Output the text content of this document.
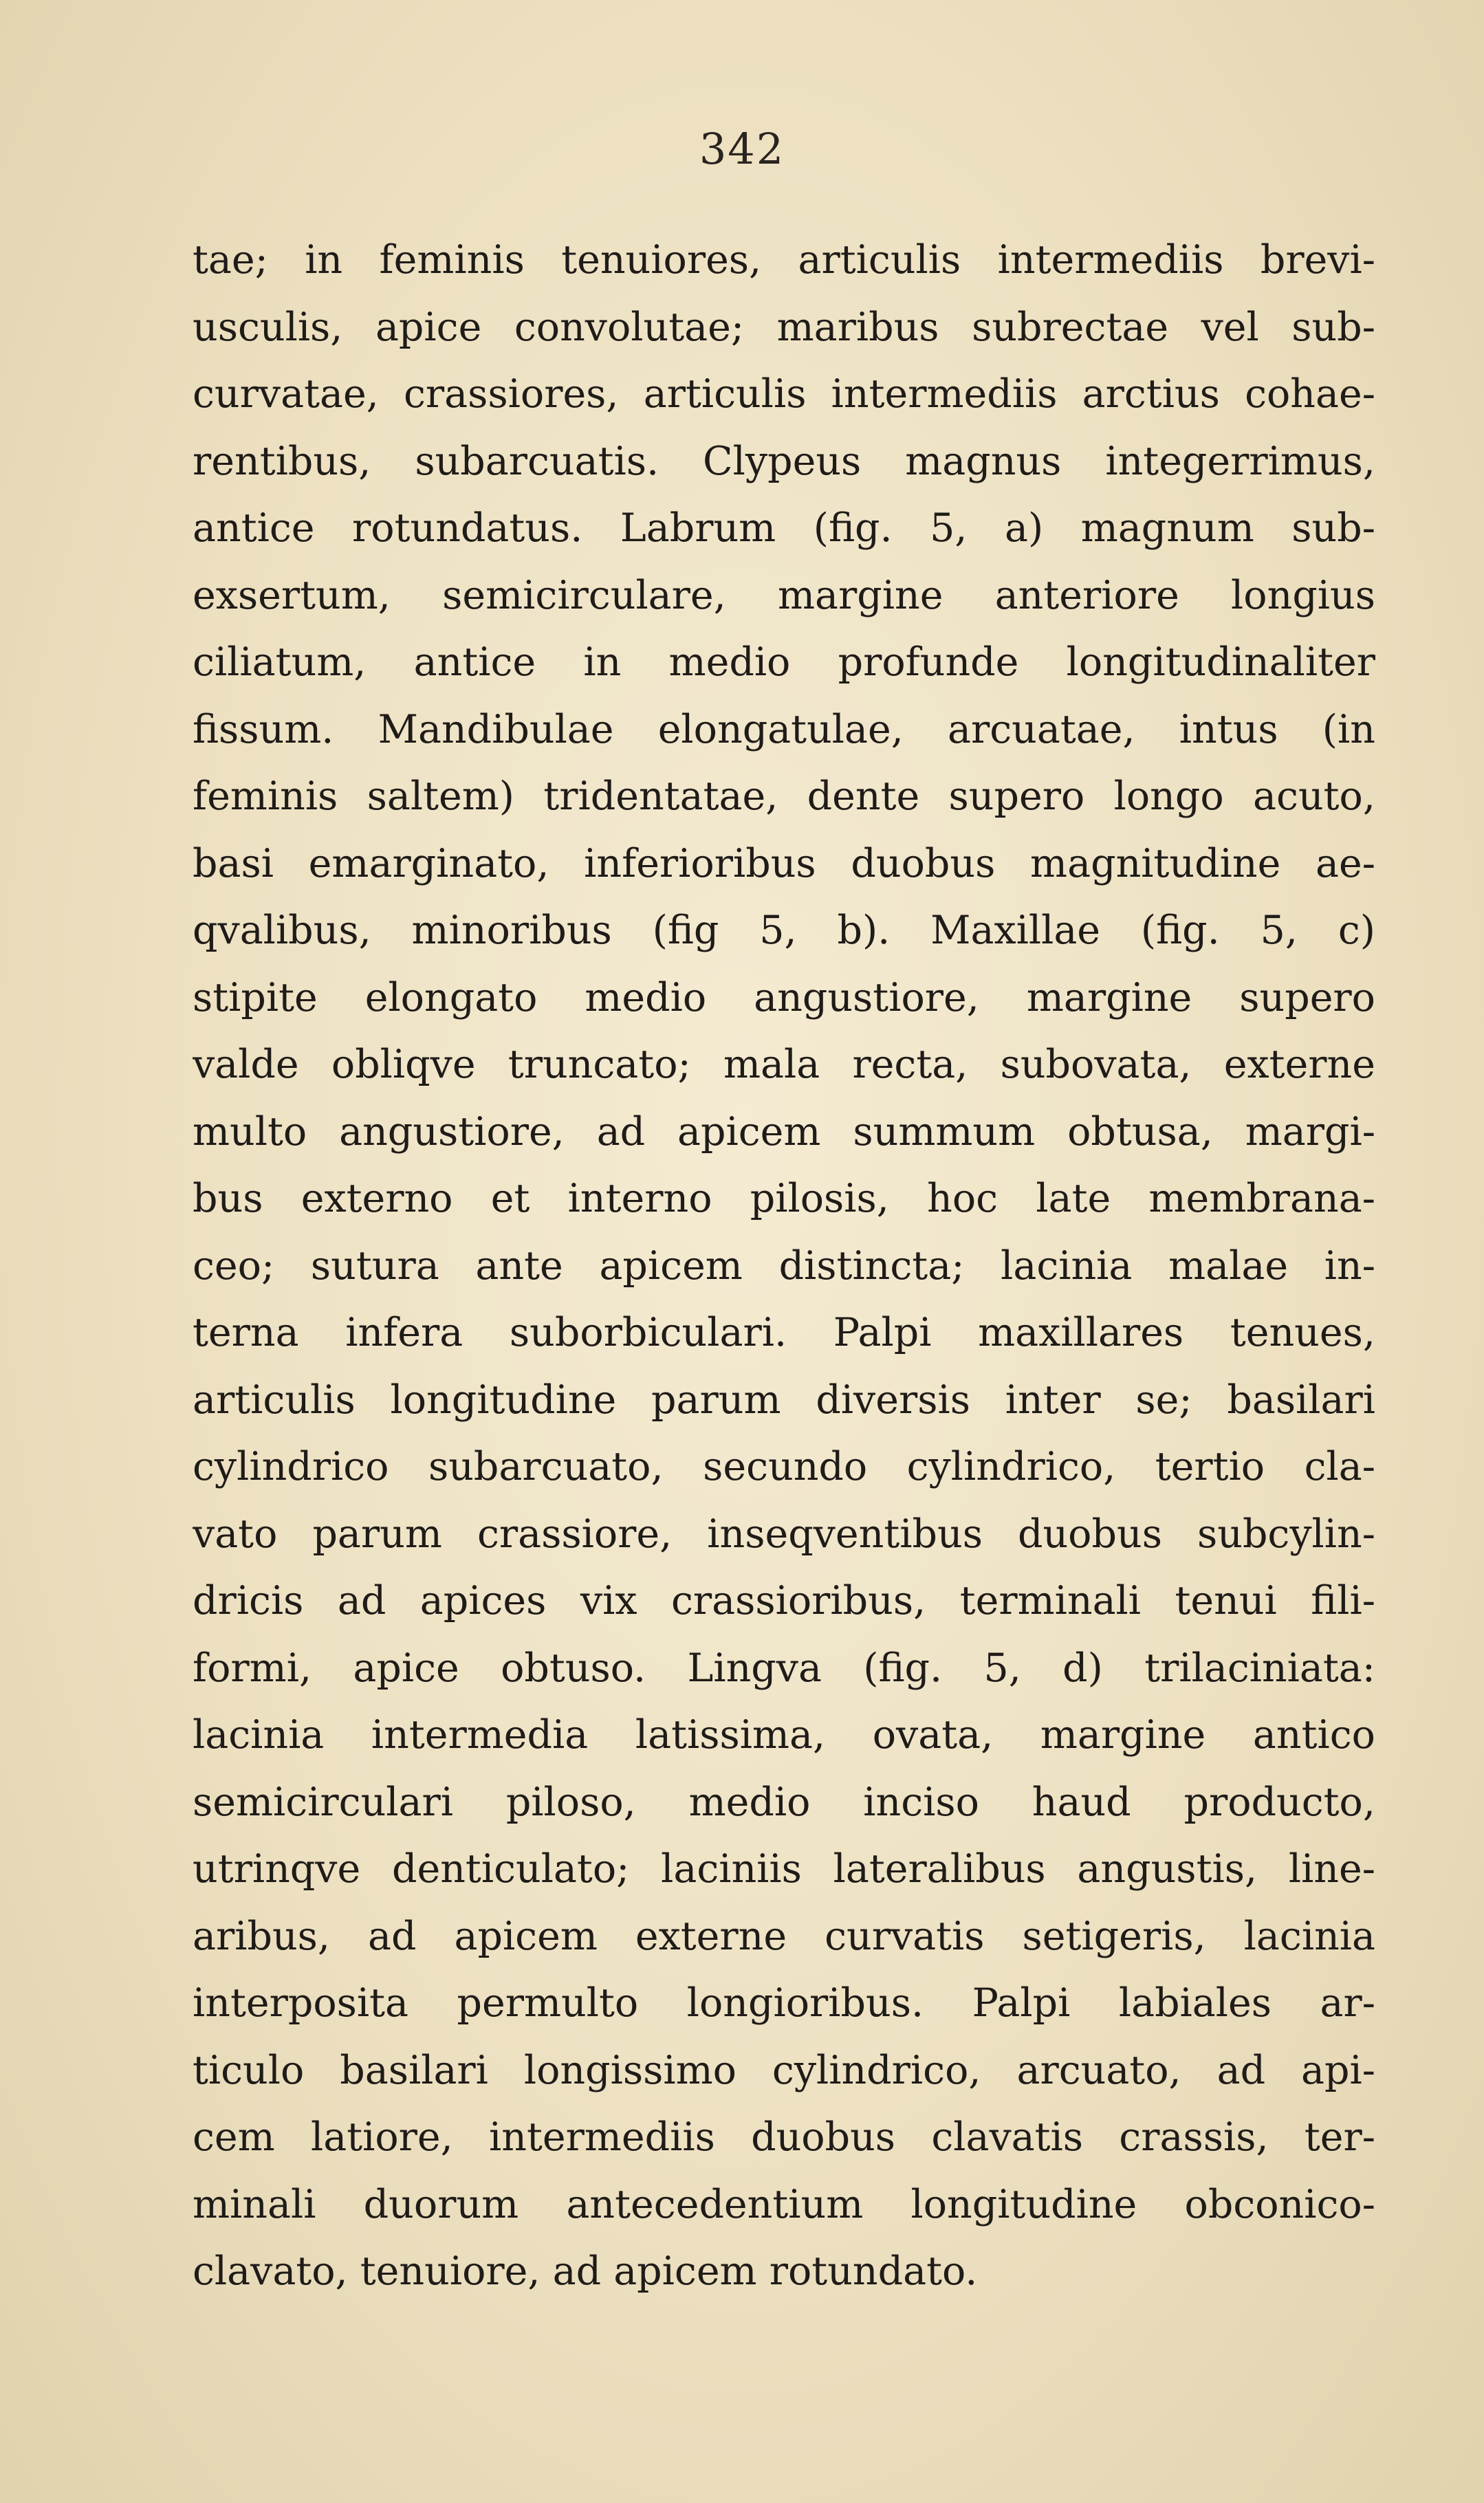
342
tae; in feminis tenuiores, articulis intermediis brevi-
usculis, apice convolutae; maribus subrectae vel sub-
curvatae, crassiores, articulis intermediis arctius cohae-
rentibus, subarcuatis. Clypeus magnus integerrimus,
antice rotundatus. Labrum (fig. 5, a) magnum sub-
exsertum, semicirculare, margine anteriore longius
ciliatum, antice in medio profunde longitudinaliter
fissum. Mandibulae elongatulae, arcuatae, intus (in
feminis saltem) tridentatae, dente supero longo acuto,
basi emarginato, inferioribus duobus magnitudine ae-
qvalibus, minoribus (fig 5, b). Maxillae (fig. 5, c)
stipite elongato medio angustiore, margine supero
valde obliqve truncato; mala recta, subovata, externe
multo angustiore, ad apicem summum obtusa, margi-
bus externo et interno pilosis, hoc late membrana-
ceo; sutura ante apicem distincta; lacinia malae in-
terna infera suborbiculari. Palpi maxillares tenues,
articulis longitudine parum diversis inter se; basilari
cylindrico subarcuato, secundo cylindrico, tertio cla-
vato parum crassiore, inseqventibus duobus subcylin-
dricis ad apices vix crassioribus, terminali tenui fili-
formi, apice obtuso. Lingva (fig. 5, d) trilaciniata:
lacinia intermedia latissima, ovata, margine antico
semicirculari piloso, medio inciso haud producto,
utrinqve denticulato; laciniis lateralibus angustis, line-
aribus, ad apicem externe curvatis setigeris, lacinia
interposita permulto longioribus. Palpi labiales ar-
ticulo basilari longissimo cylindrico, arcuato, ad api-
cem latiore, intermediis duobus clavatis crassis, ter-
minali duorum antecedentium longitudine obconico-
clavato, tenuiore, ad apicem rotundato.
